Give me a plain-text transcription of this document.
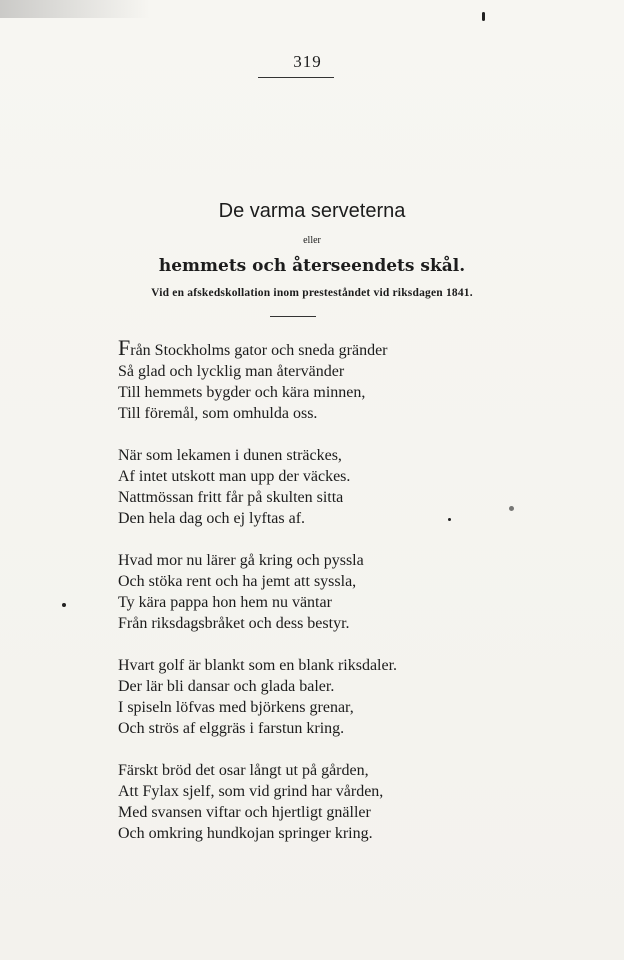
319
De varma serveterna
eller
hemmets och återseendets skål.
Vid en afskedskollation inom presteståndet vid riksdagen 1841.
Från Stockholms gator och sneda gränder
Så glad och lycklig man återvänder
Till hemmets bygder och kära minnen,
Till föremål, som omhulda oss.
När som lekamen i dunen sträckes,
Af intet utskott man upp der väckes.
Nattmössan fritt får på skulten sitta
Den hela dag och ej lyftas af.
Hvad mor nu lärer gå kring och pyssla
Och stöka rent och ha jemt att syssla,
Ty kära pappa hon hem nu väntar
Från riksdagsbråket och dess bestyr.
Hvart golf är blankt som en blank riksdaler.
Der lär bli dansar och glada baler.
I spiseln löfvas med björkens grenar,
Och strös af elggräs i farstun kring.
Färskt bröd det osar långt ut på gården,
Att Fylax sjelf, som vid grind har vården,
Med svansen viftar och hjertligt gnäller
Och omkring hundkojan springer kring.
